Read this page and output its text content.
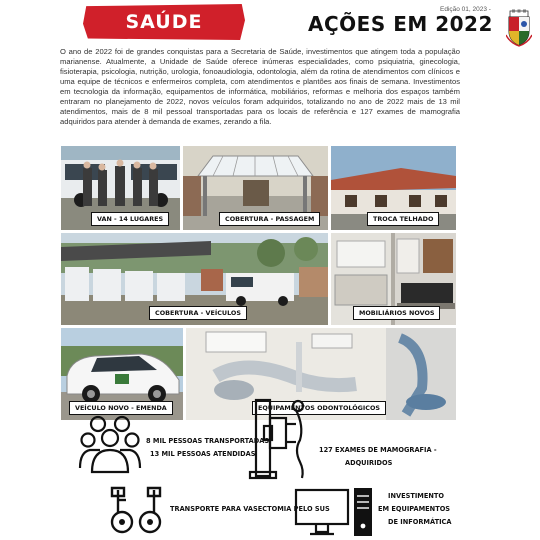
SAÚDE	AÇÕES EM 2022
Edição 01, 2023 -
O ano de 2022 foi de grandes conquistas para a Secretaria de Saúde, investimentos que atingem toda a população marianense. Atualmente, a Unidade de Saúde oferece inúmeras especialidades, como psiquiatria, ginecologia, fisioterapia, psicologia, nutrição, urologia, fonoaudiologia, odontologia, além da rotina de atendimentos com clínicos e uma equipe de técnicos e enfermeiros completa, com atendimentos e plantões aos finais de semana. Investimentos em tecnologia da informação, equipamentos de informática, mobiliários, reformas e melhoria dos espaços também entraram no planejamento de 2022, novos veículos foram adquiridos, totalizando no ano de 2022 mais de 13 mil atendimentos, mais de 8 mil pessoal transportadas para os locais de referência e 127 exames de mamografia adquiridos para atender à demanda de exames, zerando a fila.
VAN - 14 LUGARES	COBERTURA - PASSAGEM	TROCA TELHADO
COBERTURA - VEÍCULOS	MOBILIÁRIOS NOVOS
VEÍCULO NOVO - EMENDA	EQUIPAMENTOS ODONTOLÓGICOS
8 MIL PESSOAS TRANSPORTADAS
13 MIL PESSOAS ATENDIDAS	127 EXAMES DE MAMOGRAFIA -
ADQUIRIDOS
TRANSPORTE PARA VASECTOMIA PELO SUS
INVESTIMENTO
EM EQUIPAMENTOS
DE INFORMÁTICA
